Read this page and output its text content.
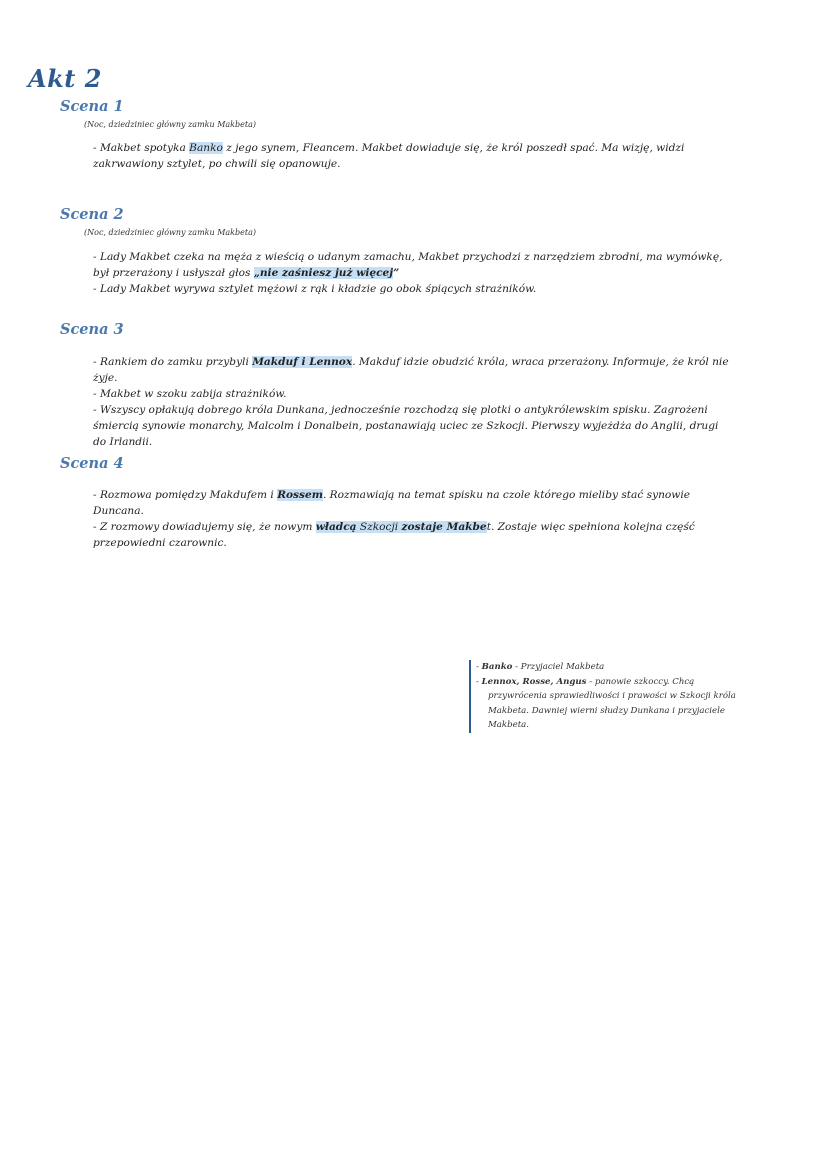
Akt 2
Scena 1
(Noc, dziedziniec główny zamku Makbeta)

- Makbet spotyka Banko z jego synem, Fleancem. Makbet dowiaduje się, że król poszedł spać. Ma wizję, widzi zakrwawiony sztylet, po chwili się opanowuje.

Scena 2
(Noc, dziedziniec główny zamku Makbeta)

- Lady Makbet czeka na męża z wieścią o udanym zamachu, Makbet przychodzi z narzędziem zbrodni, ma wymówkę, był przerażony i usłyszał głos „nie zaśniesz już więcej”

- Lady Makbet wyrywa sztylet mężowi z rąk i kładzie go obok śpiących strażników.

Scena 3

- Rankiem do zamku przybyli Makduf i Lennox. Makduf idzie obudzić króla, wraca przerażony. Informuje, że król nie żyje.

- Makbet w szoku zabija strażników.

- Wszyscy opłakują dobrego króla Dunkana, jednocześnie rozchodzą się plotki o antykrólewskim spisku. Zagrożeni śmiercią synowie monarchy, Malcolm i Donalbein, postanawiają uciec ze Szkocji. Pierwszy wyjeżdża do Anglii, drugi do Irlandii.

Scena 4

- Rozmowa pomiędzy Makdufem i Rossem. Rozmawiają na temat spisku na czole którego mieliby stać synowie Duncana.

- Z rozmowy dowiadujemy się, że nowym władcą Szkocji zostaje Makbet. Zostaje więc spełniona kolejna część przepowiedni czarownic.

- Banko - Przyjaciel Makbeta

- Lennox, Rosse, Angus - panowie szkoccy. Chcą
przywrócenia sprawiedliwości i prawości w Szkocji króla Makbeta. Dawniej wierni słudzy Dunkana i przyjaciele Makbeta.
